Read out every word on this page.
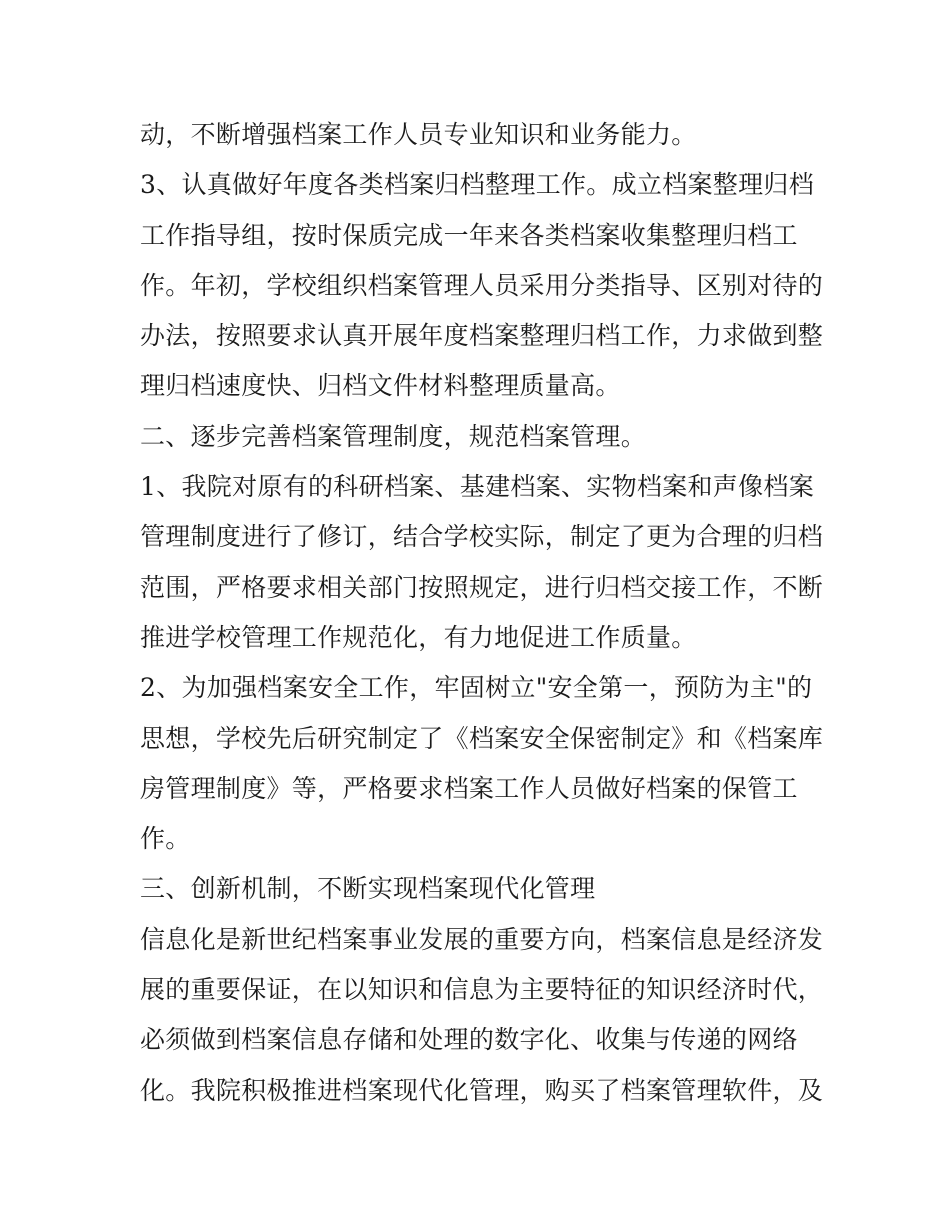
动，不断增强档案工作人员专业知识和业务能力。
3、认真做好年度各类档案归档整理工作。成立档案整理归档
工作指导组，按时保质完成一年来各类档案收集整理归档工
作。年初，学校组织档案管理人员采用分类指导、区别对待的
办法，按照要求认真开展年度档案整理归档工作，力求做到整
理归档速度快、归档文件材料整理质量高。
二、逐步完善档案管理制度，规范档案管理。
1、我院对原有的科研档案、基建档案、实物档案和声像档案
管理制度进行了修订，结合学校实际，制定了更为合理的归档
范围，严格要求相关部门按照规定，进行归档交接工作，不断
推进学校管理工作规范化，有力地促进工作质量。
2、为加强档案安全工作，牢固树立"安全第一，预防为主"的
思想，学校先后研究制定了《档案安全保密制定》和《档案库
房管理制度》等，严格要求档案工作人员做好档案的保管工
作。
三、创新机制，不断实现档案现代化管理
信息化是新世纪档案事业发展的重要方向，档案信息是经济发
展的重要保证，在以知识和信息为主要特征的知识经济时代，
必须做到档案信息存储和处理的数字化、收集与传递的网络
化。我院积极推进档案现代化管理，购买了档案管理软件，及
